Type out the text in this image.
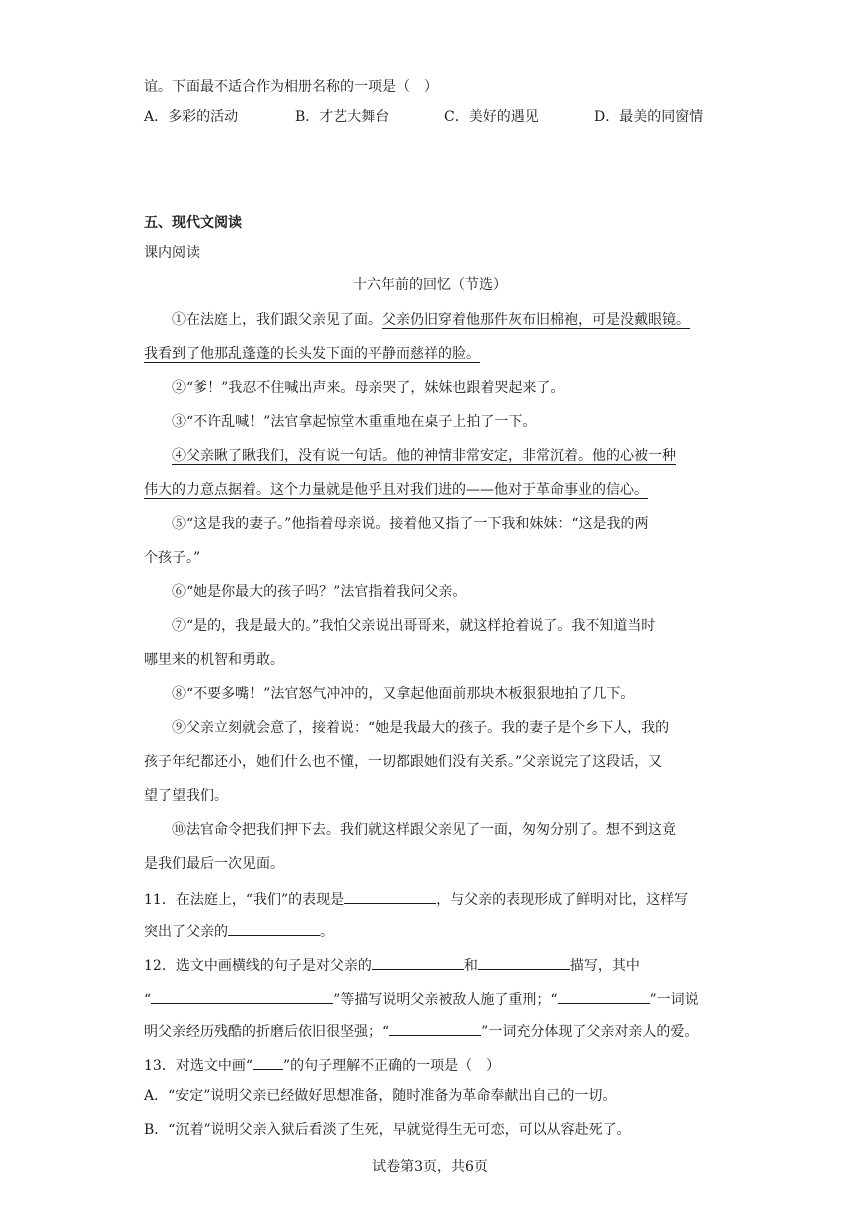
谊。下面最不适合作为相册名称的一项是（　）
A．多彩的活动	B．才艺大舞台	C．美好的遇见	D．最美的同窗情
五、现代文阅读
课内阅读
十六年前的回忆（节选）
①在法庭上，我们跟父亲见了面。父亲仍旧穿着他那件灰布旧棉袍，可是没戴眼镜。
我看到了他那乱蓬蓬的长头发下面的平静而慈祥的脸。
②“爹！”我忍不住喊出声来。母亲哭了，妹妹也跟着哭起来了。
③“不许乱喊！”法官拿起惊堂木重重地在桌子上拍了一下。
④父亲瞅了瞅我们，没有说一句话。他的神情非常安定，非常沉着。他的心被一种
伟大的力意点据着。这个力量就是他乎且对我们进的——他对于革命事业的信心。
⑤“这是我的妻子。”他指着母亲说。接着他又指了一下我和妹妹：“这是我的两
个孩子。”
⑥“她是你最大的孩子吗？”法官指着我问父亲。
⑦“是的，我是最大的。”我怕父亲说出哥哥来，就这样抢着说了。我不知道当时
哪里来的机智和勇敢。
⑧“不要多嘴！”法官怒气冲冲的，又拿起他面前那块木板狠狠地拍了几下。
⑨父亲立刻就会意了，接着说：“她是我最大的孩子。我的妻子是个乡下人，我的
孩子年纪都还小，她们什么也不懂，一切都跟她们没有关系。”父亲说完了这段话，又
望了望我们。
⑩法官命令把我们押下去。我们就这样跟父亲见了一面，匆匆分别了。想不到这竟
是我们最后一次见面。
11．在法庭上，“我们”的表现是	，与父亲的表现形成了鲜明对比，这样写
突出了父亲的	。
12．选文中画横线的句子是对父亲的	和	描写，其中
“	”等描写说明父亲被敌人施了重刑；“	”一词说
明父亲经历残酷的折磨后依旧很坚强；“	”一词充分体现了父亲对亲人的爱。
13．对选文中画“ ”的句子理解不正确的一项是（　）
A．“安定”说明父亲已经做好思想准备，随时准备为革命奉献出自己的一切。
B．“沉着”说明父亲入狱后看淡了生死，早就觉得生无可恋，可以从容赴死了。
试卷第3页，共6页
